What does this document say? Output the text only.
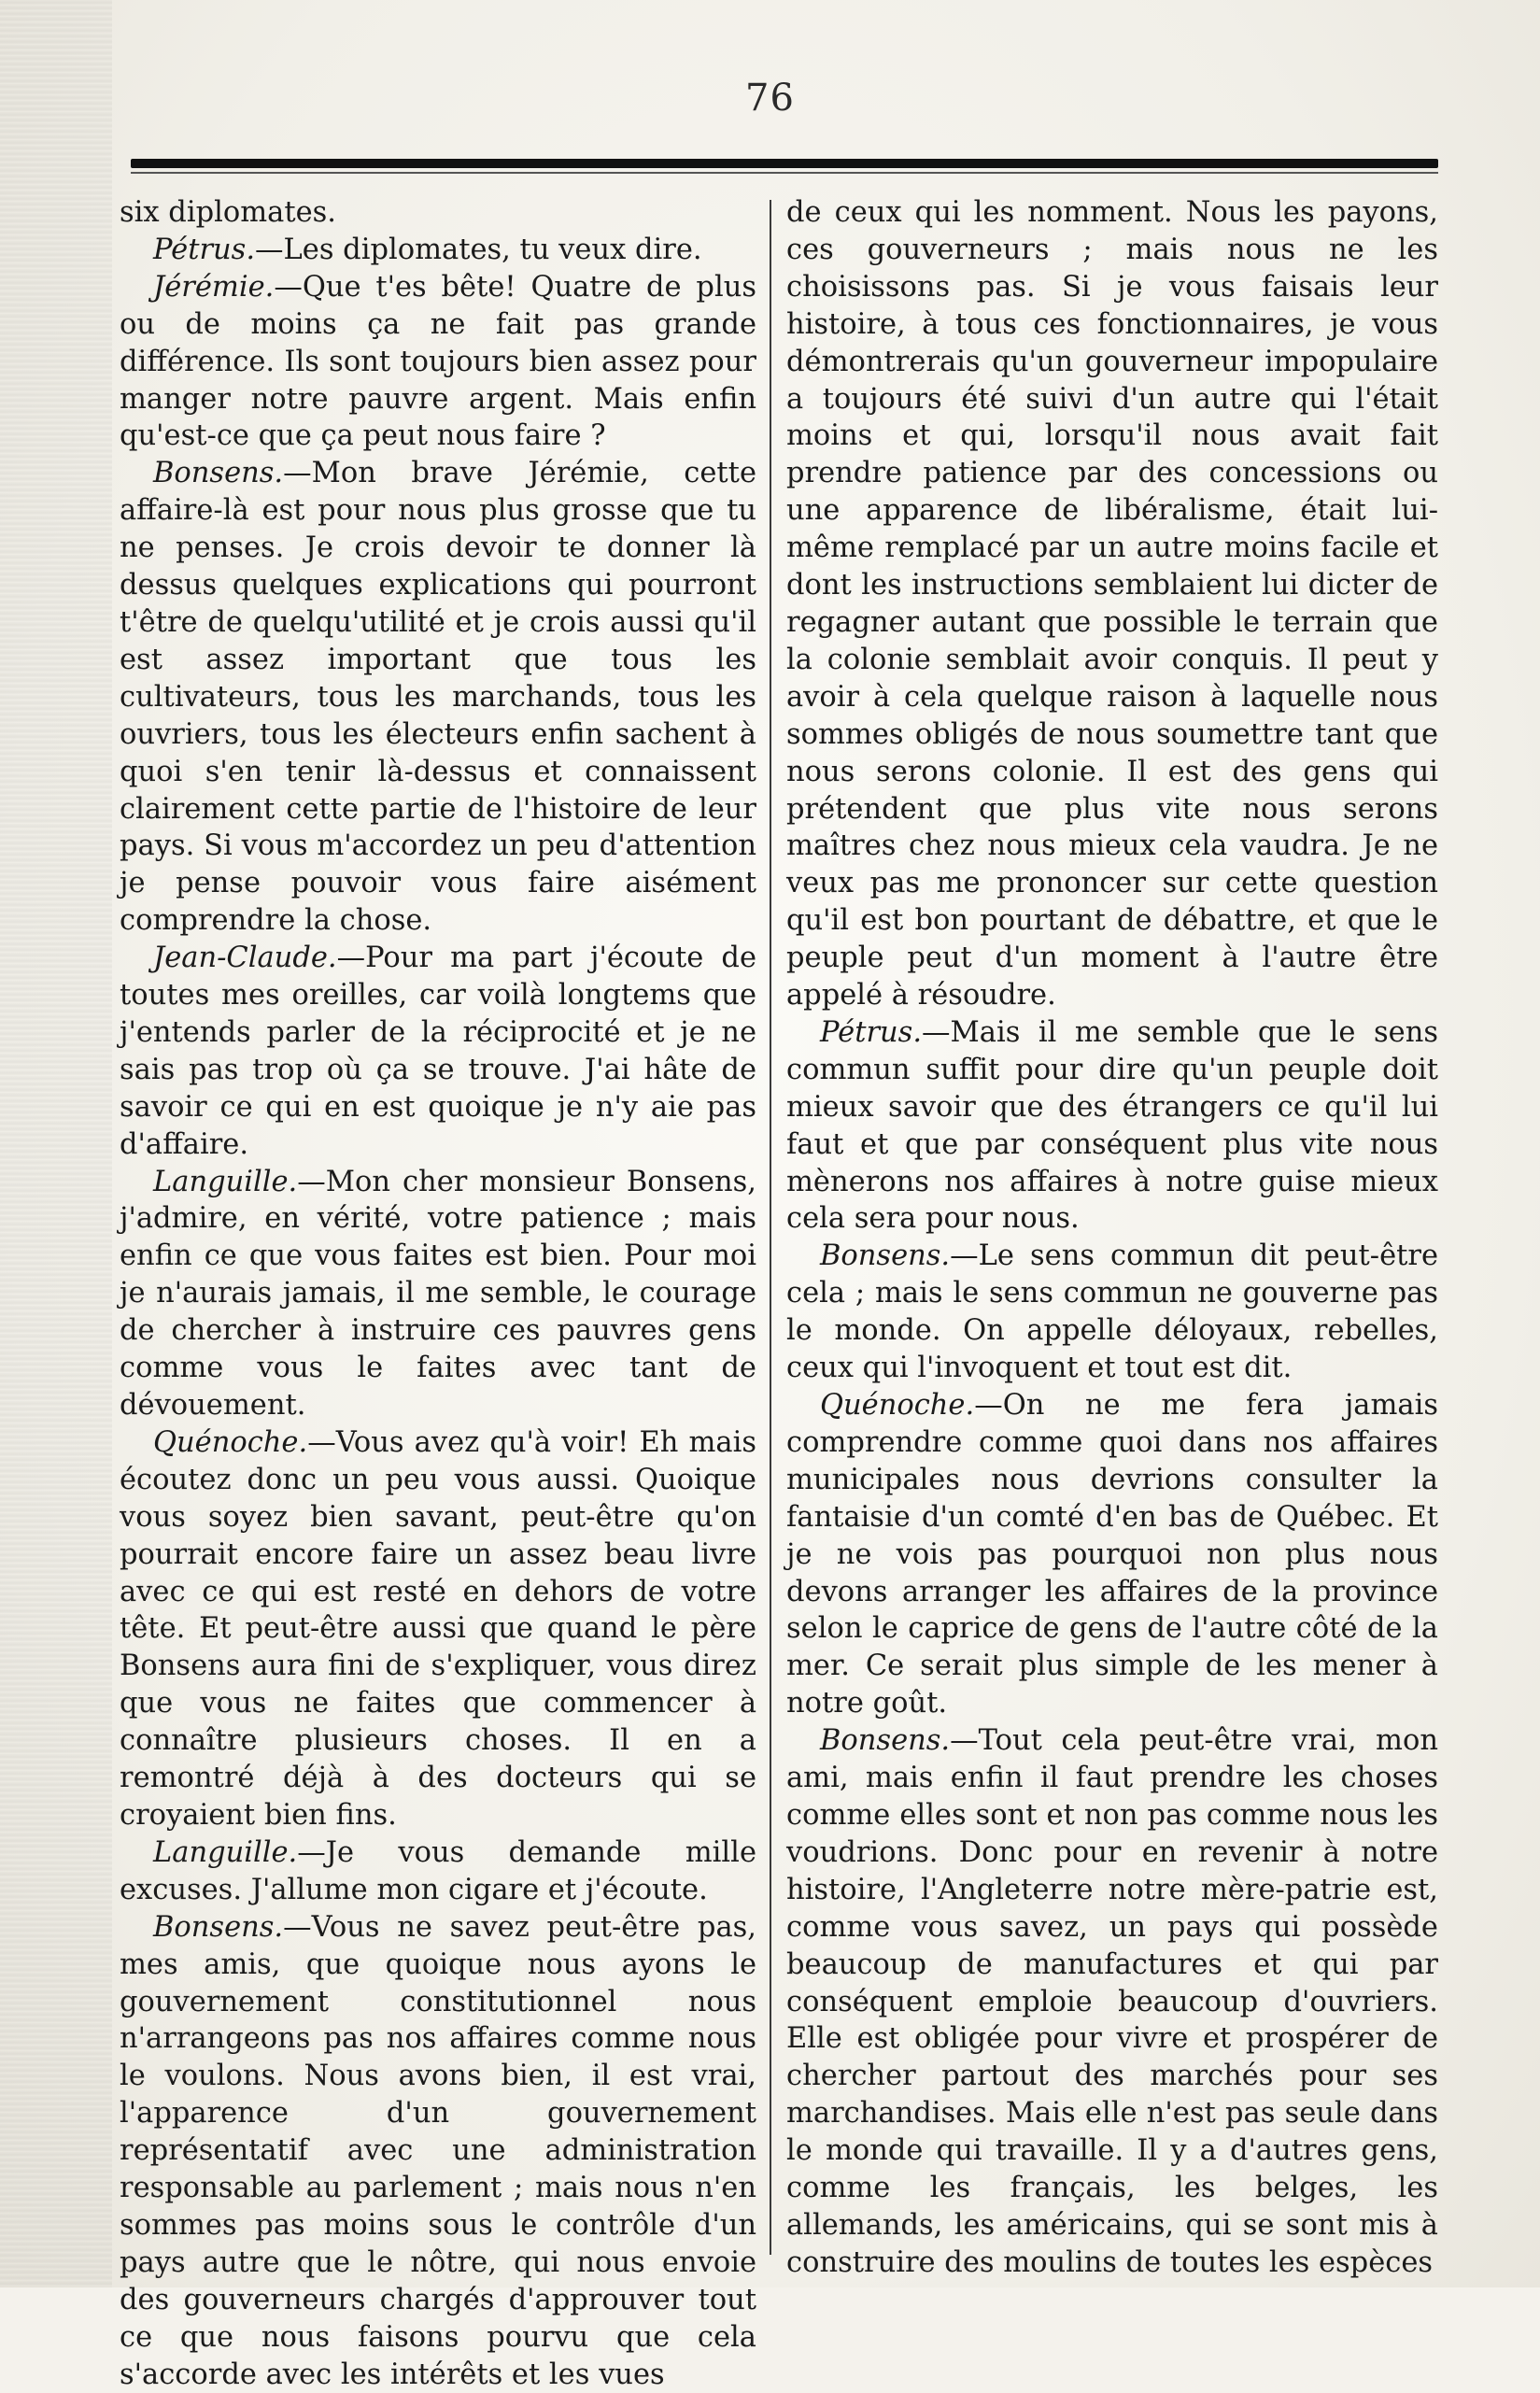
76

six diplomates.

Pétrus.—Les diplomates, tu veux dire.

Jérémie.—Que t'es bête! Quatre de plus ou de moins ça ne fait pas grande différence. Ils sont toujours bien assez pour manger notre pauvre argent. Mais enfin qu'est-ce que ça peut nous faire ?

Bonsens.—Mon brave Jérémie, cette affaire-là est pour nous plus grosse que tu ne penses. Je crois devoir te donner là dessus quelques explications qui pourront t'être de quelqu'utilité et je crois aussi qu'il est assez important que tous les cultivateurs, tous les marchands, tous les ouvriers, tous les électeurs enfin sachent à quoi s'en tenir là-dessus et connaissent clairement cette partie de l'histoire de leur pays. Si vous m'accordez un peu d'attention je pense pouvoir vous faire aisément comprendre la chose.

Jean-Claude.—Pour ma part j'écoute de toutes mes oreilles, car voilà longtems que j'entends parler de la réciprocité et je ne sais pas trop où ça se trouve. J'ai hâte de savoir ce qui en est quoique je n'y aie pas d'affaire.

Languille.—Mon cher monsieur Bonsens, j'admire, en vérité, votre patience ; mais enfin ce que vous faites est bien. Pour moi je n'aurais jamais, il me semble, le courage de chercher à instruire ces pauvres gens comme vous le faites avec tant de dévouement.

Quénoche.—Vous avez qu'à voir! Eh mais écoutez donc un peu vous aussi. Quoique vous soyez bien savant, peut-être qu'on pourrait encore faire un assez beau livre avec ce qui est resté en dehors de votre tête. Et peut-être aussi que quand le père Bonsens aura fini de s'expliquer, vous direz que vous ne faites que commencer à connaître plusieurs choses. Il en a remontré déjà à des docteurs qui se croyaient bien fins.

Languille.—Je vous demande mille excuses. J'allume mon cigare et j'écoute.

Bonsens.—Vous ne savez peut-être pas, mes amis, que quoique nous ayons le gouvernement constitutionnel nous n'arrangeons pas nos affaires comme nous le voulons. Nous avons bien, il est vrai, l'apparence d'un gouvernement représentatif avec une administration responsable au parlement ; mais nous n'en sommes pas moins sous le contrôle d'un pays autre que le nôtre, qui nous envoie des gouverneurs chargés d'approuver tout ce que nous faisons pourvu que cela s'accorde avec les intérêts et les vues

de ceux qui les nomment. Nous les payons, ces gouverneurs ; mais nous ne les choisissons pas. Si je vous faisais leur histoire, à tous ces fonctionnaires, je vous démontrerais qu'un gouverneur impopulaire a toujours été suivi d'un autre qui l'était moins et qui, lorsqu'il nous avait fait prendre patience par des concessions ou une apparence de libéralisme, était lui-même remplacé par un autre moins facile et dont les instructions semblaient lui dicter de regagner autant que possible le terrain que la colonie semblait avoir conquis. Il peut y avoir à cela quelque raison à laquelle nous sommes obligés de nous soumettre tant que nous serons colonie. Il est des gens qui prétendent que plus vite nous serons maîtres chez nous mieux cela vaudra. Je ne veux pas me prononcer sur cette question qu'il est bon pourtant de débattre, et que le peuple peut d'un moment à l'autre être appelé à résoudre.

Pétrus.—Mais il me semble que le sens commun suffit pour dire qu'un peuple doit mieux savoir que des étrangers ce qu'il lui faut et que par conséquent plus vite nous mènerons nos affaires à notre guise mieux cela sera pour nous.

Bonsens.—Le sens commun dit peut-être cela ; mais le sens commun ne gouverne pas le monde. On appelle déloyaux, rebelles, ceux qui l'invoquent et tout est dit.

Quénoche.—On ne me fera jamais comprendre comme quoi dans nos affaires municipales nous devrions consulter la fantaisie d'un comté d'en bas de Québec. Et je ne vois pas pourquoi non plus nous devons arranger les affaires de la province selon le caprice de gens de l'autre côté de la mer. Ce serait plus simple de les mener à notre goût.

Bonsens.—Tout cela peut-être vrai, mon ami, mais enfin il faut prendre les choses comme elles sont et non pas comme nous les voudrions. Donc pour en revenir à notre histoire, l'Angleterre notre mère-patrie est, comme vous savez, un pays qui possède beaucoup de manufactures et qui par conséquent emploie beaucoup d'ouvriers. Elle est obligée pour vivre et prospérer de chercher partout des marchés pour ses marchandises. Mais elle n'est pas seule dans le monde qui travaille. Il y a d'autres gens, comme les français, les belges, les allemands, les américains, qui se sont mis à construire des moulins de toutes les espèces
